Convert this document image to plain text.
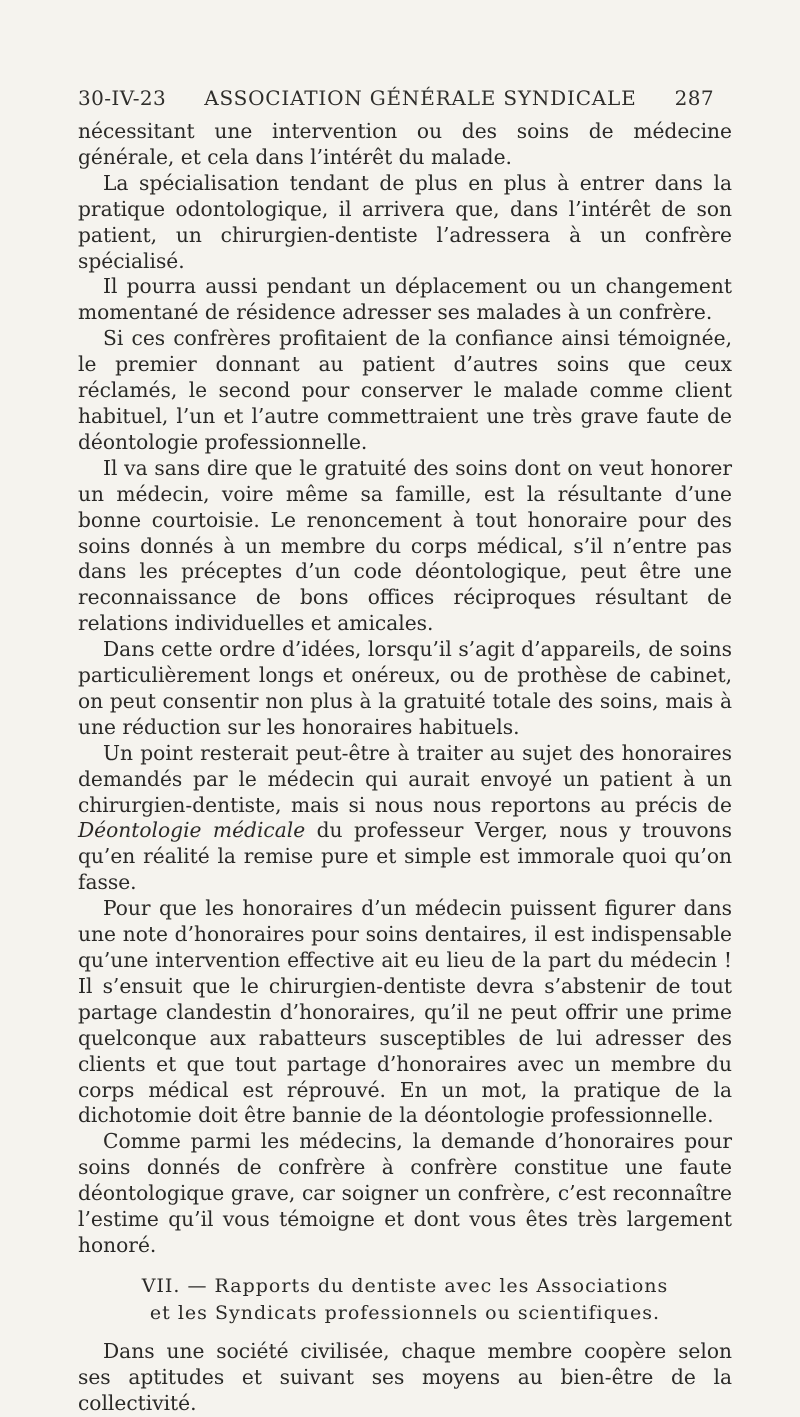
30-IV-23	ASSOCIATION GÉNÉRALE SYNDICALE	287

nécessitant une intervention ou des soins de médecine générale, et cela dans l’intérêt du malade.

La spécialisation tendant de plus en plus à entrer dans la pratique odontologique, il arrivera que, dans l’intérêt de son patient, un chirurgien-dentiste l’adressera à un confrère spécialisé.

Il pourra aussi pendant un déplacement ou un changement momentané de résidence adresser ses malades à un confrère.

Si ces confrères profitaient de la confiance ainsi témoignée, le premier donnant au patient d’autres soins que ceux réclamés, le second pour conserver le malade comme client habituel, l’un et l’autre commettraient une très grave faute de déontologie professionnelle.

Il va sans dire que le gratuité des soins dont on veut honorer un médecin, voire même sa famille, est la résultante d’une bonne courtoisie. Le renoncement à tout honoraire pour des soins donnés à un membre du corps médical, s’il n’entre pas dans les préceptes d’un code déontologique, peut être une reconnaissance de bons offices réciproques résultant de relations individuelles et amicales.

Dans cette ordre d’idées, lorsqu’il s’agit d’appareils, de soins particulièrement longs et onéreux, ou de prothèse de cabinet, on peut consentir non plus à la gratuité totale des soins, mais à une réduction sur les honoraires habituels.

Un point resterait peut-être à traiter au sujet des honoraires demandés par le médecin qui aurait envoyé un patient à un chirurgien-dentiste, mais si nous nous reportons au précis de Déontologie médicale du professeur Verger, nous y trouvons qu’en réalité la remise pure et simple est immorale quoi qu’on fasse.

Pour que les honoraires d’un médecin puissent figurer dans une note d’honoraires pour soins dentaires, il est indispensable qu’une intervention effective ait eu lieu de la part du médecin ! Il s’ensuit que le chirurgien-dentiste devra s’abstenir de tout partage clandestin d’honoraires, qu’il ne peut offrir une prime quelconque aux rabatteurs susceptibles de lui adresser des clients et que tout partage d’honoraires avec un membre du corps médical est réprouvé. En un mot, la pratique de la dichotomie doit être bannie de la déontologie professionnelle.

Comme parmi les médecins, la demande d’honoraires pour soins donnés de confrère à confrère constitue une faute déontologique grave, car soigner un confrère, c’est reconnaître l’estime qu’il vous témoigne et dont vous êtes très largement honoré.

VII. — Rapports du dentiste avec les Associations
et les Syndicats professionnels ou scientifiques.

Dans une société civilisée, chaque membre coopère selon ses aptitudes et suivant ses moyens au bien-être de la collectivité.
